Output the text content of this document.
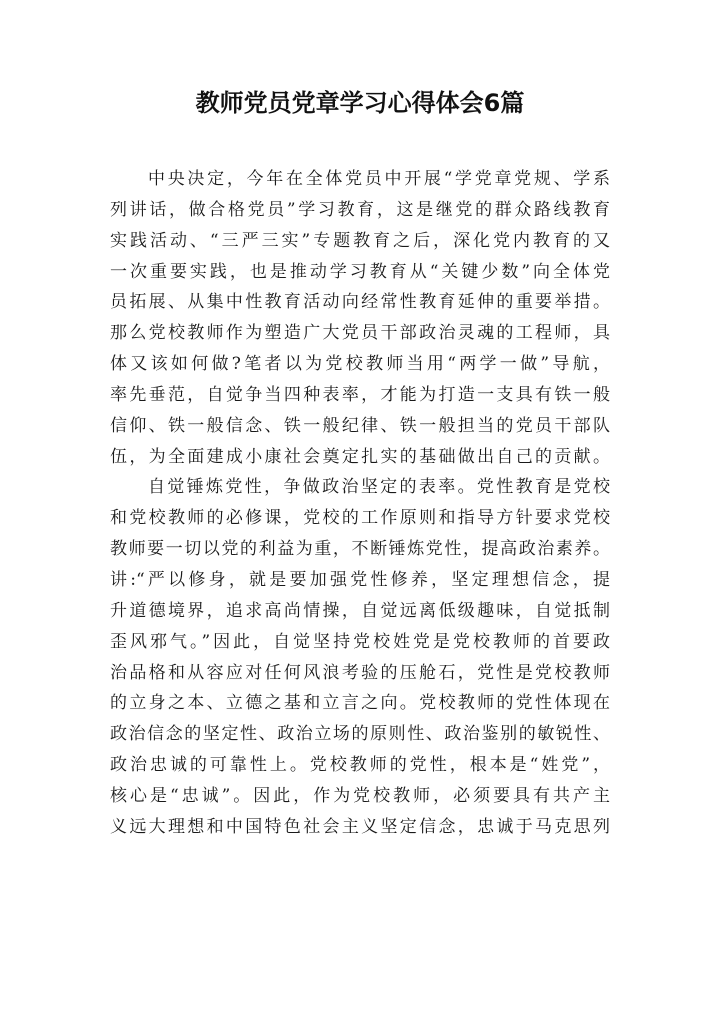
教师党员党章学习心得体会6篇
中央决定，今年在全体党员中开展“学党章党规、学系
列讲话，做合格党员”学习教育，这是继党的群众路线教育
实践活动、“三严三实”专题教育之后，深化党内教育的又
一次重要实践，也是推动学习教育从“关键少数”向全体党
员拓展、从集中性教育活动向经常性教育延伸的重要举措。
那么党校教师作为塑造广大党员干部政治灵魂的工程师，具
体又该如何做?笔者以为党校教师当用“两学一做”导航，
率先垂范，自觉争当四种表率，才能为打造一支具有铁一般
信仰、铁一般信念、铁一般纪律、铁一般担当的党员干部队
伍，为全面建成小康社会奠定扎实的基础做出自己的贡献。
自觉锤炼党性，争做政治坚定的表率。党性教育是党校
和党校教师的必修课，党校的工作原则和指导方针要求党校
教师要一切以党的利益为重，不断锤炼党性，提高政治素养。
讲:“严以修身，就是要加强党性修养，坚定理想信念，提
升道德境界，追求高尚情操，自觉远离低级趣味，自觉抵制
歪风邪气。”因此，自觉坚持党校姓党是党校教师的首要政
治品格和从容应对任何风浪考验的压舱石，党性是党校教师
的立身之本、立德之基和立言之向。党校教师的党性体现在
政治信念的坚定性、政治立场的原则性、政治鉴别的敏锐性、
政治忠诚的可靠性上。党校教师的党性，根本是“姓党”，
核心是“忠诚”。因此，作为党校教师，必须要具有共产主
义远大理想和中国特色社会主义坚定信念，忠诚于马克思列
